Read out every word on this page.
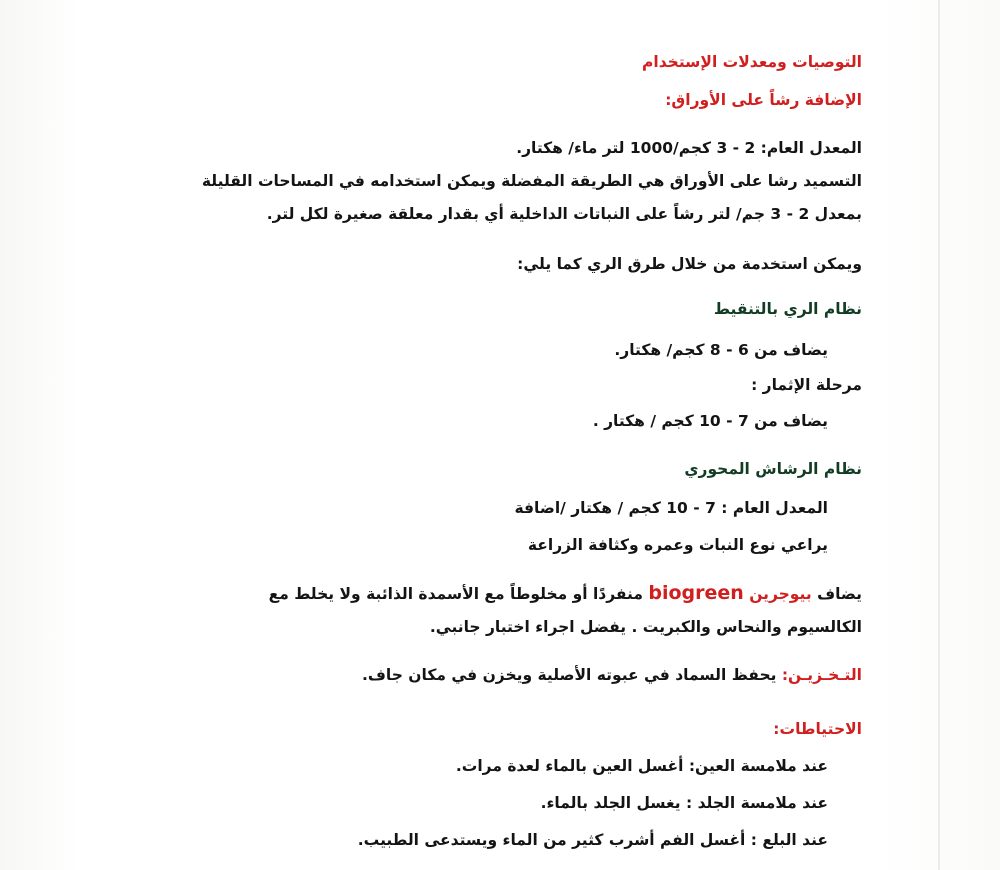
التوصيات ومعدلات الإستخدام
الإضافة رشاً على الأوراق:
المعدل العام: 2 - 3 كجم/1000 لتر ماء/ هكتار.
التسميد رشا على الأوراق هي الطريقة المفضلة ويمكن استخدامه في المساحات القليلة
بمعدل 2 - 3 جم/ لتر رشاً على النباتات الداخلية أي بقدار معلقة صغيرة لكل لتر.
ويمكن استخدمة من خلال طرق الري كما يلي:
نظام الري بالتنقيط
يضاف من 6 - 8 كجم/ هكتار.
مرحلة الإثمار :
يضاف من 7 - 10 كجم / هكتار .
نظام الرشاش المحوري
المعدل العام : 7 - 10 كجم / هكتار /اضافة
يراعي نوع النبات وعمره وكثافة الزراعة
يضاف بيوجرين biogreen منفردًا أو مخلوطاً مع الأسمدة الذائبة ولا يخلط مع
الكالسيوم والنحاس والكبريت . يفضل اجراء اختبار جانبي.
التـخـزيـن: يحفظ السماد في عبوته الأصلية ويخزن في مكان جاف.
الاحتياطات:
عند ملامسة العين: أغسل العين بالماء لعدة مرات.
عند ملامسة الجلد : يغسل الجلد بالماء.
عند البلع : أغسل الفم أشرب كثير من الماء ويستدعى الطبيب.
